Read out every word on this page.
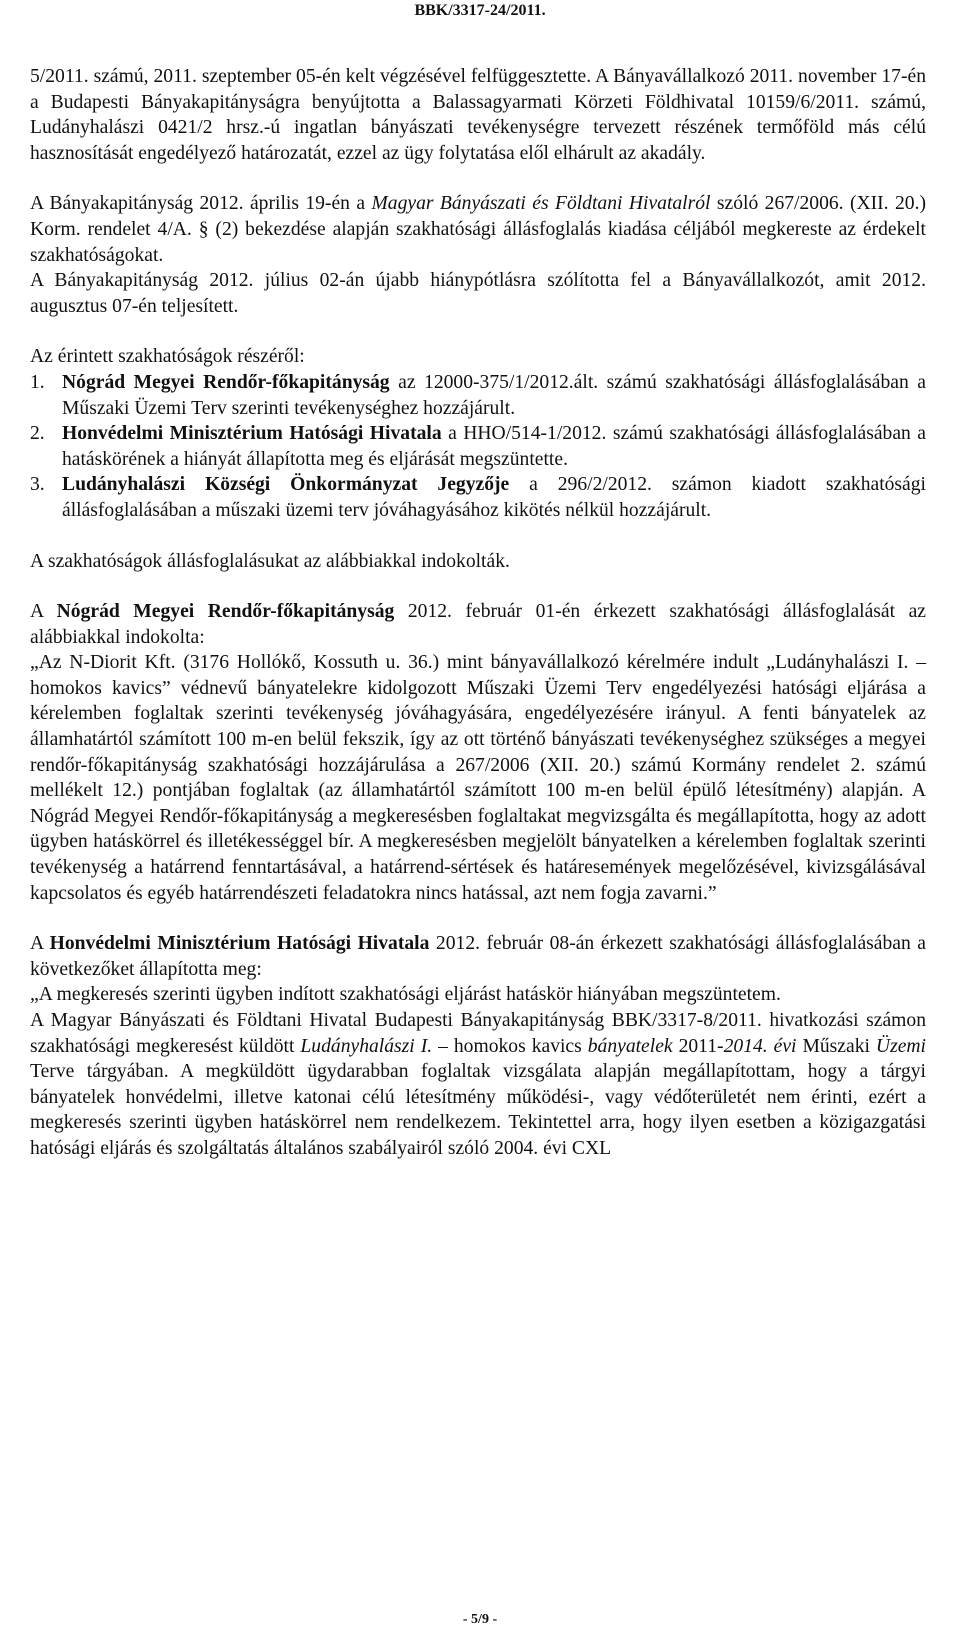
BBK/3317-24/2011.

5/2011. számú, 2011. szeptember 05-én kelt végzésével felfüggesztette. A Bányavállalkozó 2011. november 17-én a Budapesti Bányakapitányságra benyújtotta a Balassagyarmati Körzeti Földhivatal 10159/6/2011. számú, Ludányhalászi 0421/2 hrsz.-ú ingatlan bányászati tevékenységre tervezett részének termőföld más célú hasznosítását engedélyező határozatát, ezzel az ügy folytatása elől elhárult az akadály.

A Bányakapitányság 2012. április 19-én a Magyar Bányászati és Földtani Hivatalról szóló 267/2006. (XII. 20.) Korm. rendelet 4/A. § (2) bekezdése alapján szakhatósági állásfoglalás kiadása céljából megkereste az érdekelt szakhatóságokat.

A Bányakapitányság 2012. július 02-án újabb hiánypótlásra szólította fel a Bányavállalkozót, amit 2012. augusztus 07-én teljesített.

Az érintett szakhatóságok részéről:

1. Nógrád Megyei Rendőr-főkapitányság az 12000-375/1/2012.ált. számú szakhatósági állásfoglalásában a Műszaki Üzemi Terv szerinti tevékenységhez hozzájárult.
2. Honvédelmi Minisztérium Hatósági Hivatala a HHO/514-1/2012. számú szakhatósági állásfoglalásában a hatáskörének a hiányát állapította meg és eljárását megszüntette.
3. Ludányhalászi Községi Önkormányzat Jegyzője a 296/2/2012. számon kiadott szakhatósági állásfoglalásában a műszaki üzemi terv jóváhagyásához kikötés nélkül hozzájárult.

A szakhatóságok állásfoglalásukat az alábbiakkal indokolták.

A Nógrád Megyei Rendőr-főkapitányság 2012. február 01-én érkezett szakhatósági állásfoglalását az alábbiakkal indokolta:

„Az N-Diorit Kft. (3176 Hollókő, Kossuth u. 36.) mint bányavállalkozó kérelmére indult „Ludányhalászi I. – homokos kavics” védnevű bányatelekre kidolgozott Műszaki Üzemi Terv engedélyezési hatósági eljárása a kérelemben foglaltak szerinti tevékenység jóváhagyására, engedélyezésére irányul. A fenti bányatelek az államhatártól számított 100 m-en belül fekszik, így az ott történő bányászati tevékenységhez szükséges a megyei rendőr-főkapitányság szakhatósági hozzájárulása a 267/2006 (XII. 20.) számú Kormány rendelet 2. számú mellékelt 12.) pontjában foglaltak (az államhatártól számított 100 m-en belül épülő létesítmény) alapján. A Nógrád Megyei Rendőr-főkapitányság a megkeresésben foglaltakat megvizsgálta és megállapította, hogy az adott ügyben hatáskörrel és illetékességgel bír. A megkeresésben megjelölt bányatelken a kérelemben foglaltak szerinti tevékenység a határrend fenntartásával, a határrend-sértések és határesemények megelőzésével, kivizsgálásával kapcsolatos és egyéb határrendészeti feladatokra nincs hatással, azt nem fogja zavarni.”

A Honvédelmi Minisztérium Hatósági Hivatala 2012. február 08-án érkezett szakhatósági állásfoglalásában a következőket állapította meg:

„A megkeresés szerinti ügyben indított szakhatósági eljárást hatáskör hiányában megszüntetem.

A Magyar Bányászati és Földtani Hivatal Budapesti Bányakapitányság BBK/3317-8/2011. hivatkozási számon szakhatósági megkeresést küldött Ludányhalászi I. – homokos kavics bányatelek 2011-2014. évi Műszaki Üzemi Terve tárgyában. A megküldött ügydarabban foglaltak vizsgálata alapján megállapítottam, hogy a tárgyi bányatelek honvédelmi, illetve katonai célú létesítmény működési-, vagy védőterületét nem érinti, ezért a megkeresés szerinti ügyben hatáskörrel nem rendelkezem. Tekintettel arra, hogy ilyen esetben a közigazgatási hatósági eljárás és szolgáltatás általános szabályairól szóló 2004. évi CXL

- 5/9 -
